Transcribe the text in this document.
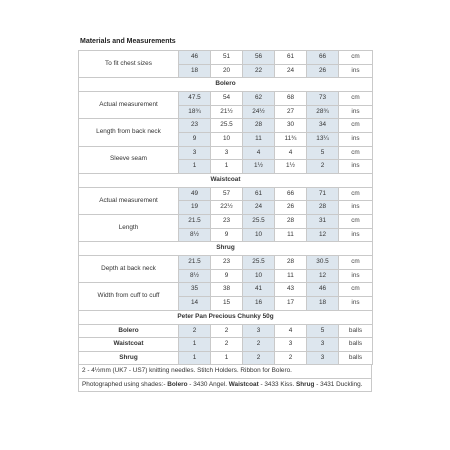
Materials and Measurements
To fit chest sizes	46	51	56	61	66	cm
	18	20	22	24	26	ins
Bolero						
Actual measurement	47.5	54	62	68	73	cm
	18¾	21½	24½	27	28¾	ins
Length from back neck	23	25.5	28	30	34	cm
	9	10	11	11¾	13¼	ins
Sleeve seam	3	3	4	4	5	cm
	1	1	1½	1½	2	ins
Waistcoat						
Actual measurement	49	57	61	66	71	cm
	19	22½	24	26	28	ins
Length	21.5	23	25.5	28	31	cm
	8½	9	10	11	12	ins
Shrug						
Depth at back neck	21.5	23	25.5	28	30.5	cm
	8½	9	10	11	12	ins
Width from cuff to cuff	35	38	41	43	46	cm
	14	15	16	17	18	ins
Peter Pan Precious Chunky 50g						
Bolero	2	2	3	4	5	balls
Waistcoat	1	2	2	3	3	balls
Shrug	1	1	2	2	3	balls
2 - 4½mm (UK7 - US7) knitting needles. Stitch Holders. Ribbon for Bolero.
Photographed using shades:- Bolero - 3430 Angel. Waistcoat - 3433 Kiss. Shrug - 3431 Duckling.
